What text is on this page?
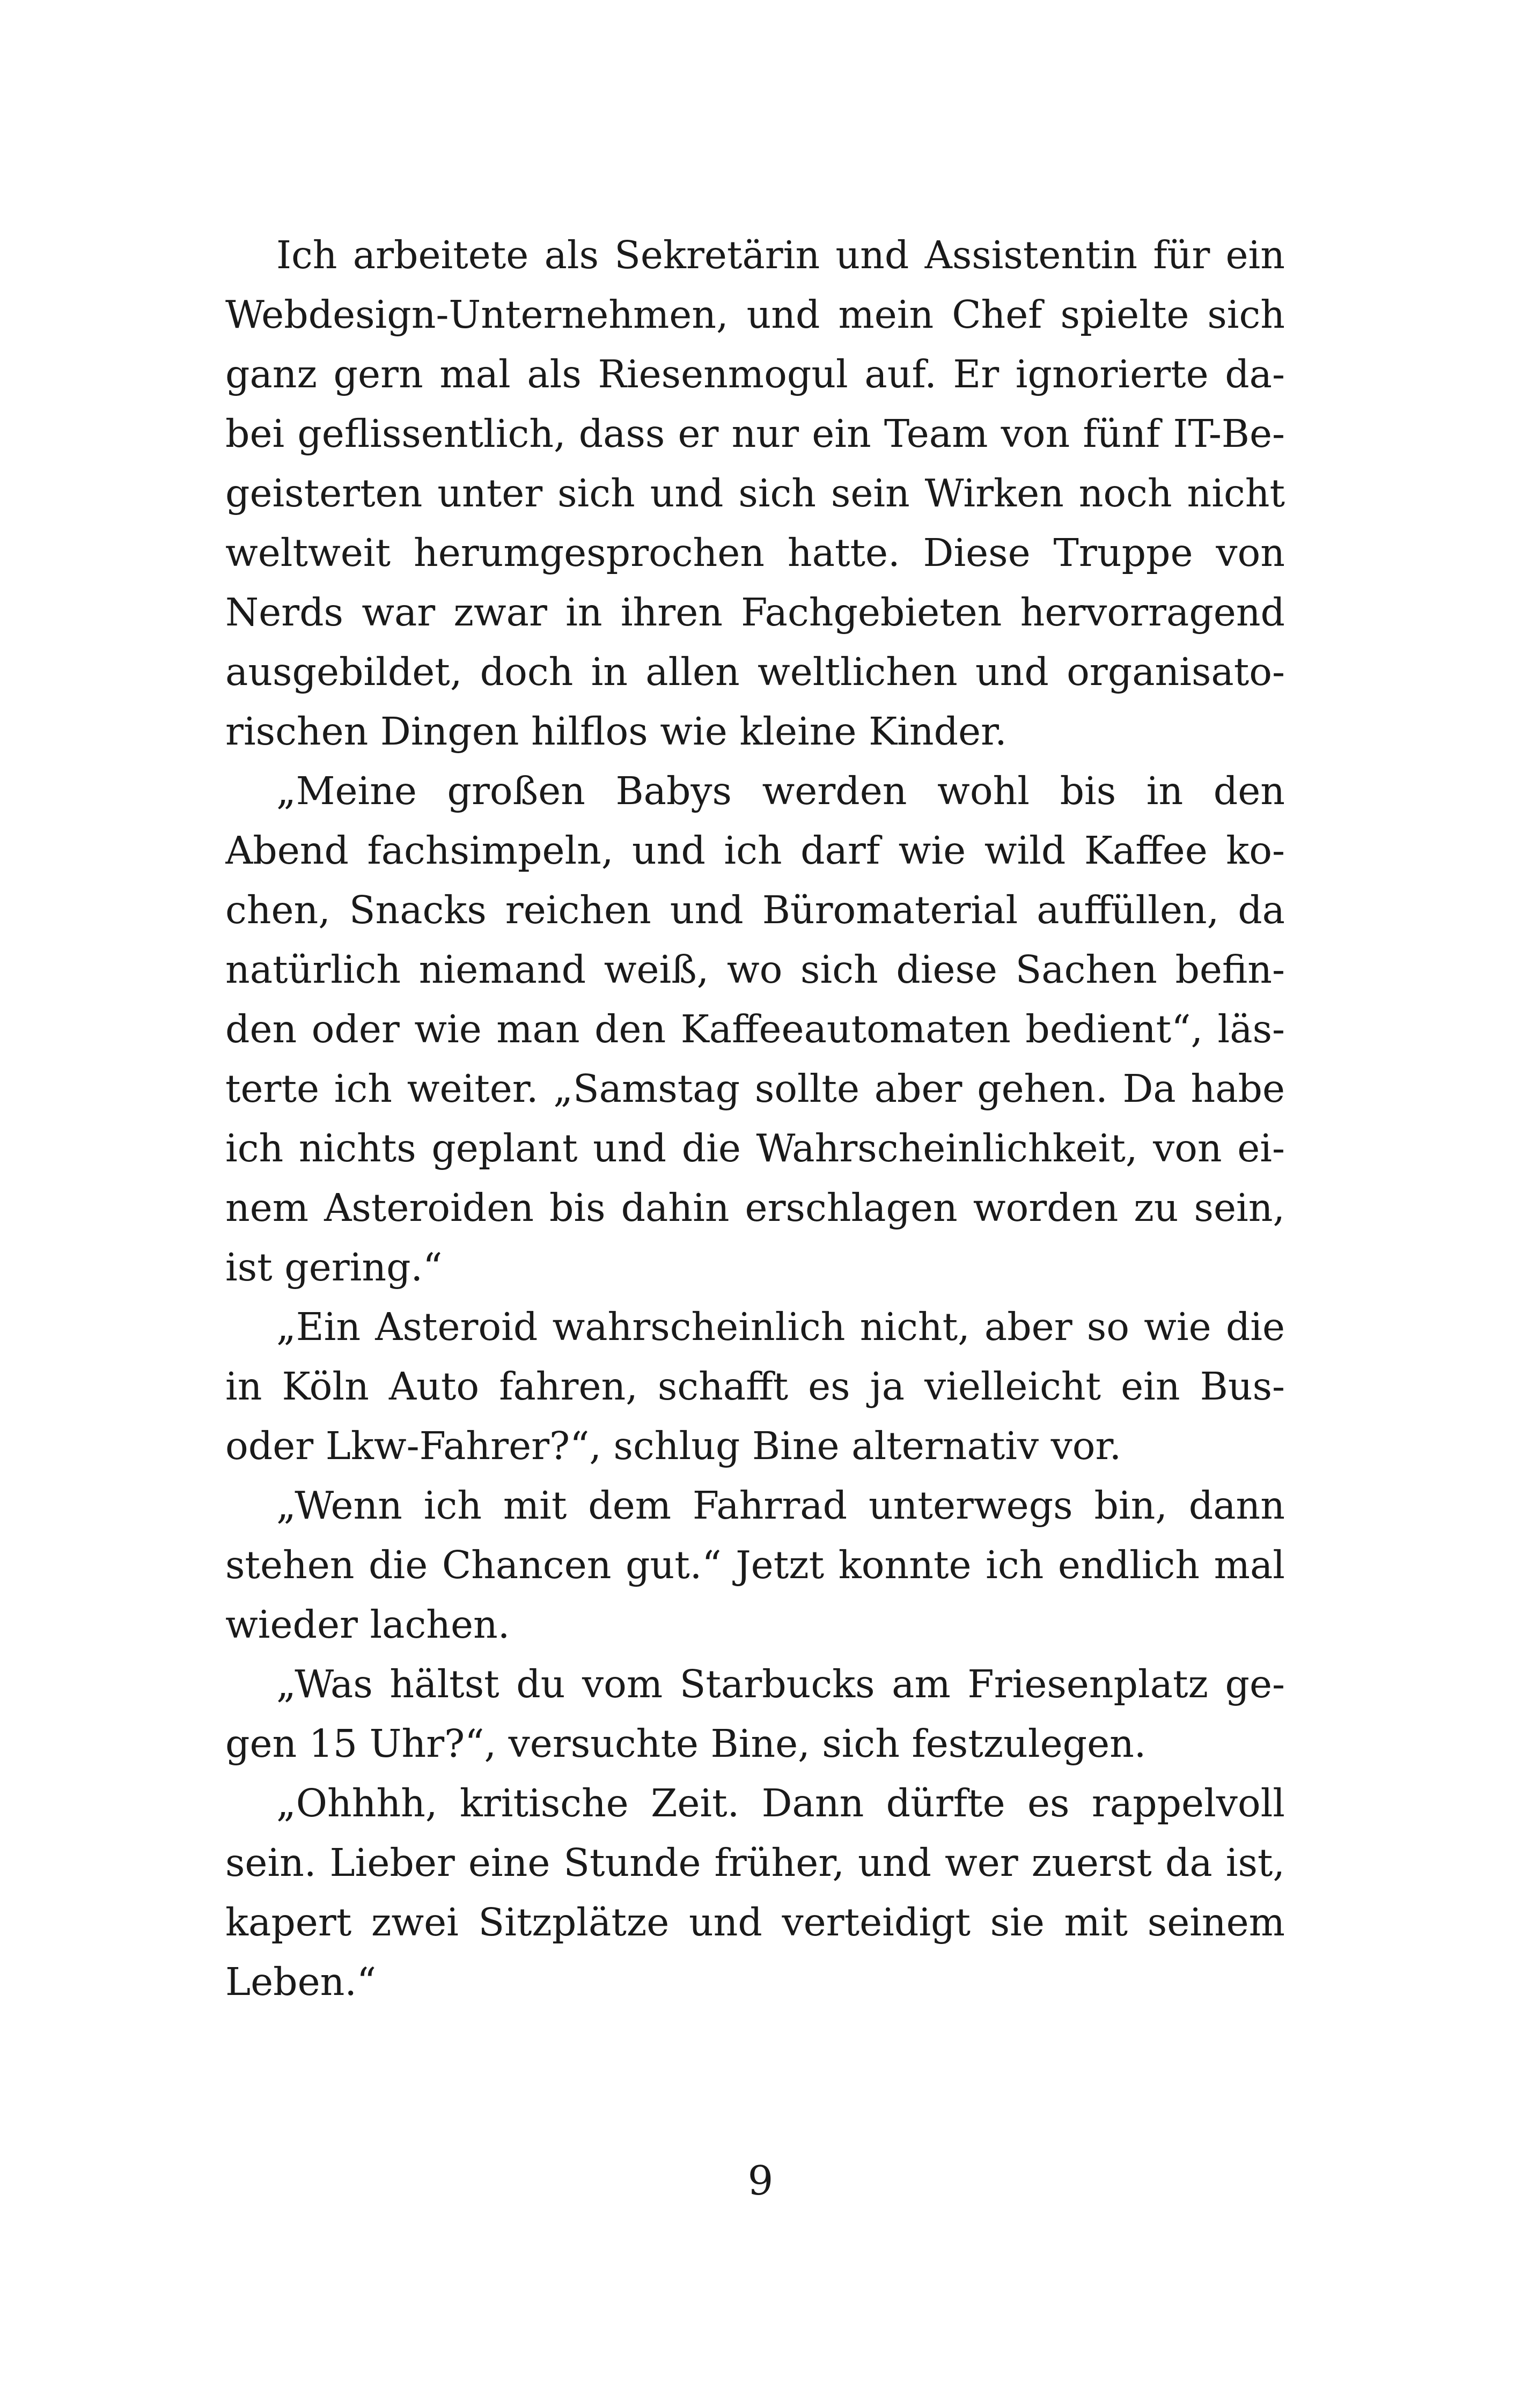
Ich arbeitete als Sekretärin und Assistentin für ein
Webdesign-Unternehmen, und mein Chef spielte sich
ganz gern mal als Riesenmogul auf. Er ignorierte da-
bei geflissentlich, dass er nur ein Team von fünf IT-Be-
geisterten unter sich und sich sein Wirken noch nicht
weltweit herumgesprochen hatte. Diese Truppe von
Nerds war zwar in ihren Fachgebieten hervorragend
ausgebildet, doch in allen weltlichen und organisato-
rischen Dingen hilflos wie kleine Kinder.
„Meine großen Babys werden wohl bis in den
Abend fachsimpeln, und ich darf wie wild Kaffee ko-
chen, Snacks reichen und Büromaterial auffüllen, da
natürlich niemand weiß, wo sich diese Sachen befin-
den oder wie man den Kaffeeautomaten bedient“, läs-
terte ich weiter. „Samstag sollte aber gehen. Da habe
ich nichts geplant und die Wahrscheinlichkeit, von ei-
nem Asteroiden bis dahin erschlagen worden zu sein,
ist gering.“
„Ein Asteroid wahrscheinlich nicht, aber so wie die
in Köln Auto fahren, schafft es ja vielleicht ein Bus-
oder Lkw-Fahrer?“, schlug Bine alternativ vor.
„Wenn ich mit dem Fahrrad unterwegs bin, dann
stehen die Chancen gut.“ Jetzt konnte ich endlich mal
wieder lachen.
„Was hältst du vom Starbucks am Friesenplatz ge-
gen 15 Uhr?“, versuchte Bine, sich festzulegen.
„Ohhhh, kritische Zeit. Dann dürfte es rappelvoll
sein. Lieber eine Stunde früher, und wer zuerst da ist,
kapert zwei Sitzplätze und verteidigt sie mit seinem
Leben.“
9
